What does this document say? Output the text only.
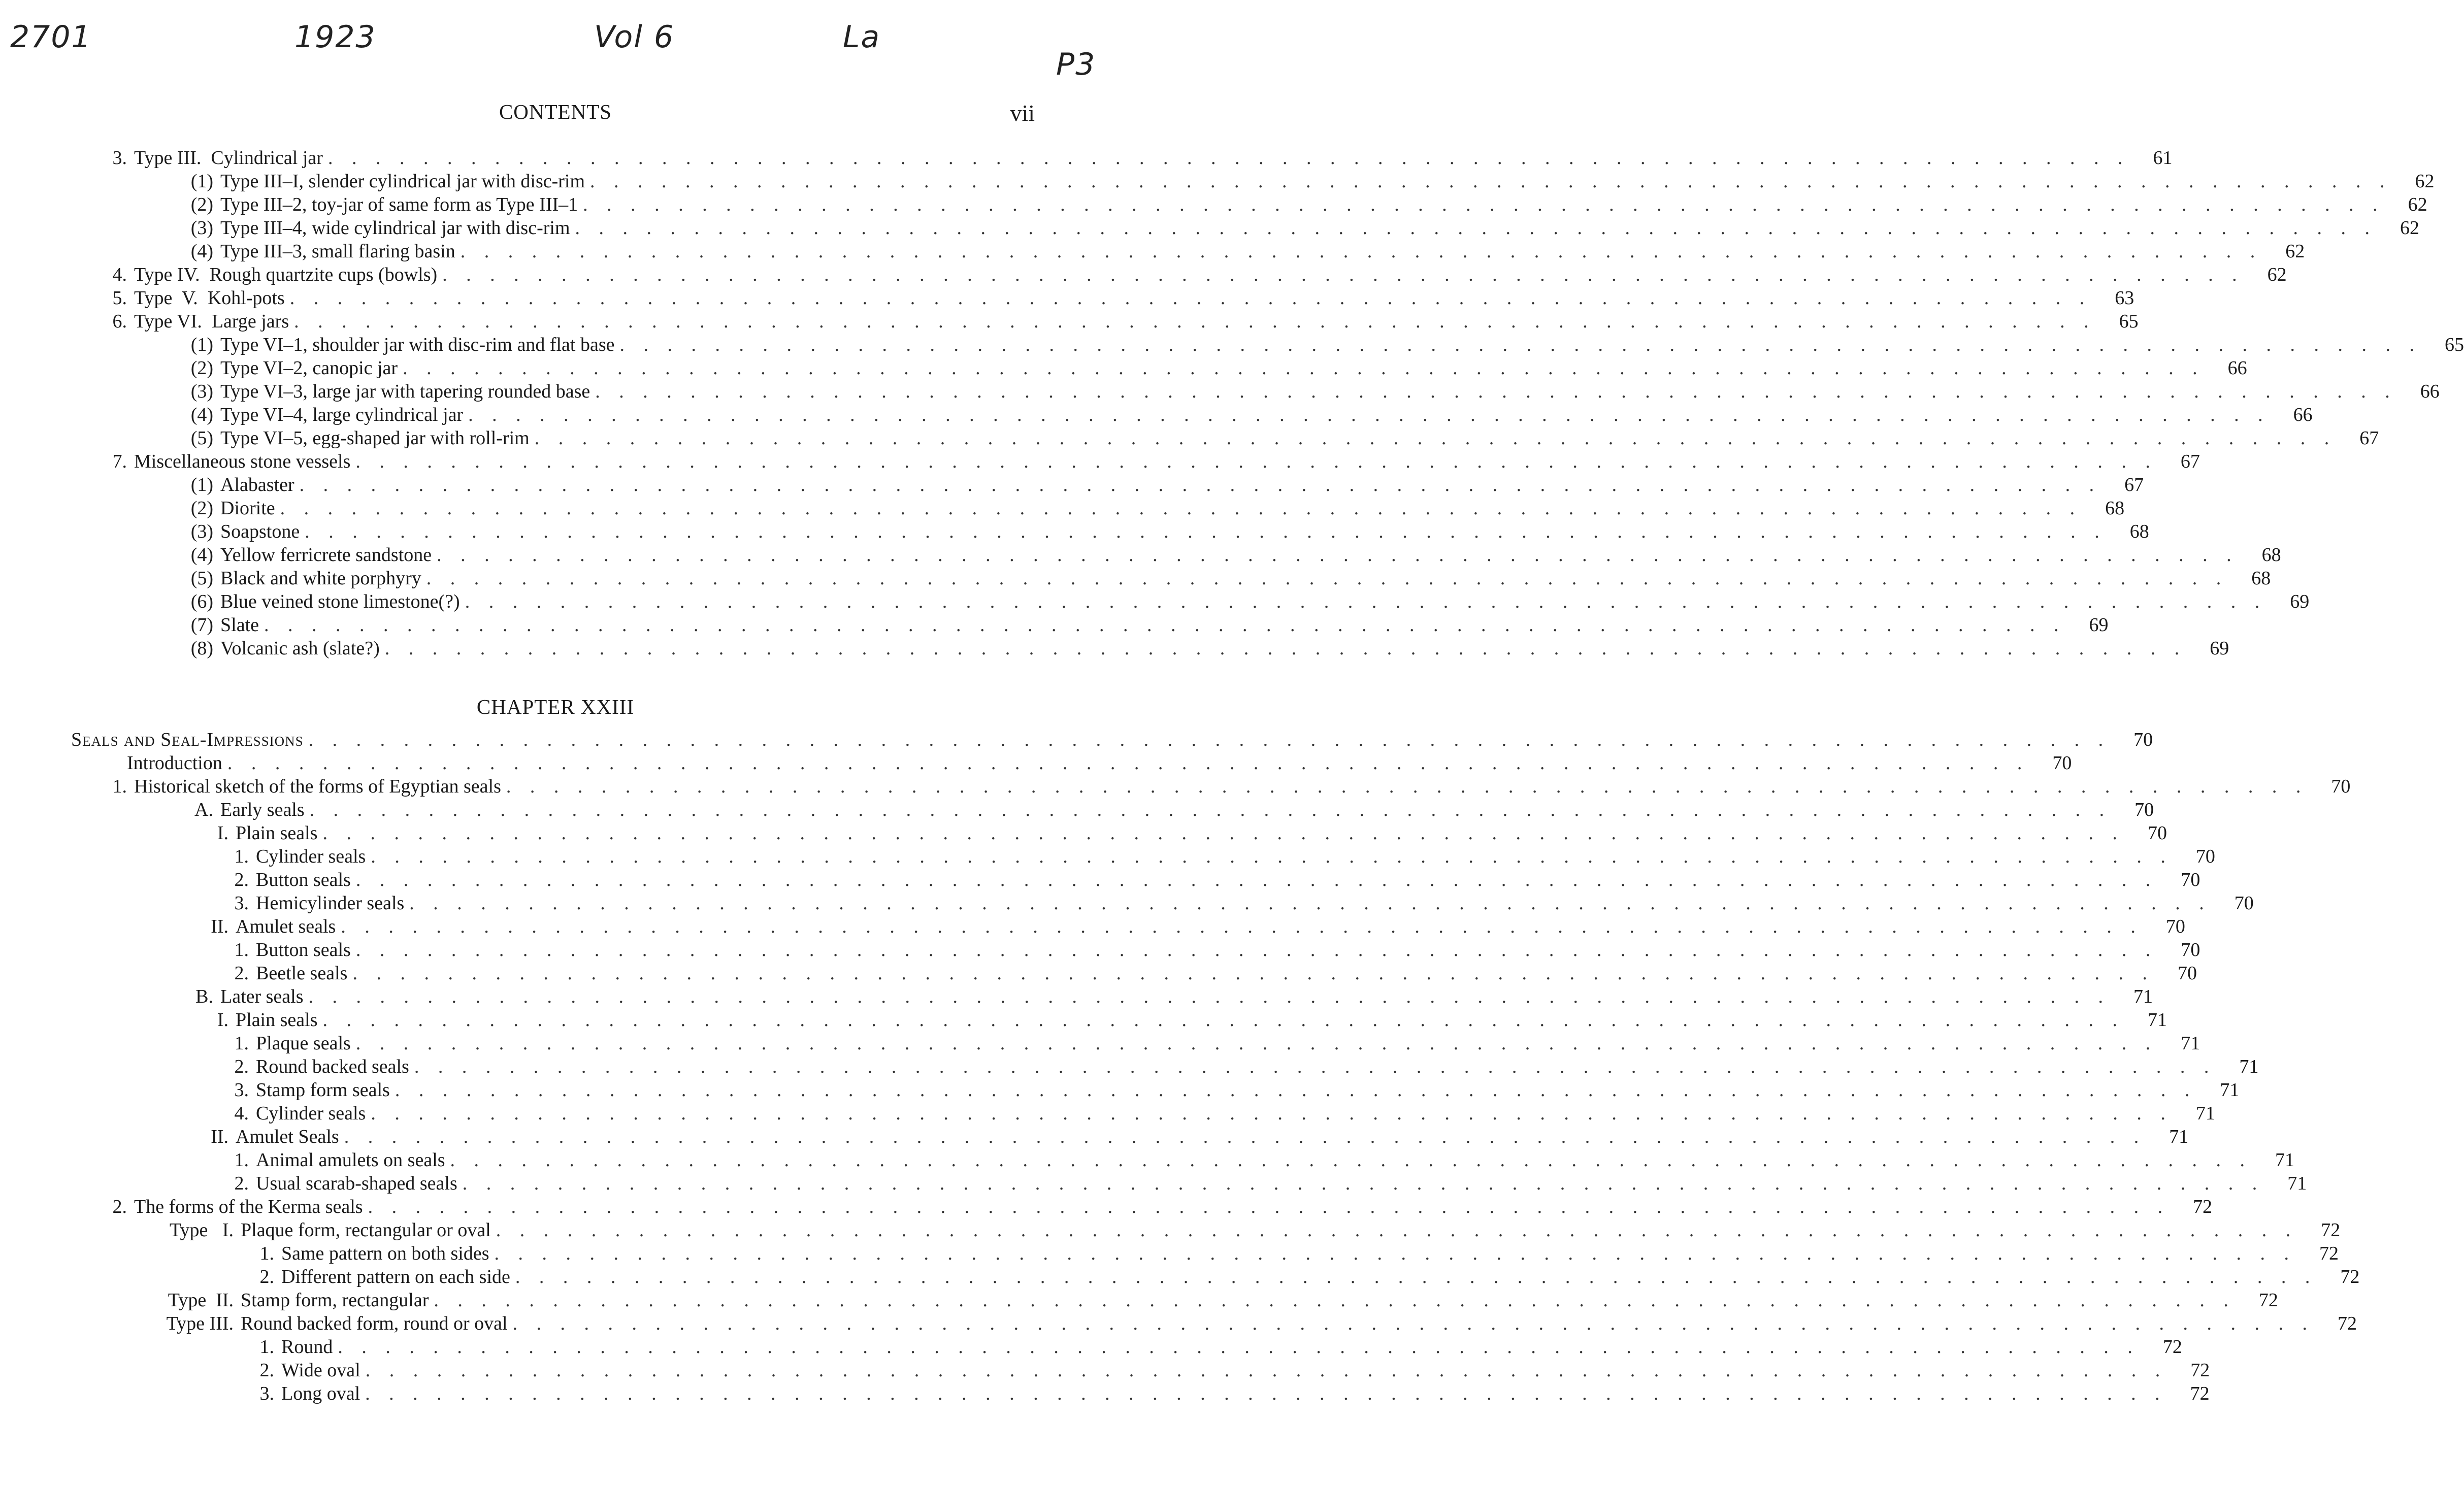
2701	1923	Vol 6	La
P3
CONTENTS	vii
3. Type III.  Cylindrical jar . . . . . . . . . . . . . . . . . . . . . . . . . . . . . . . . . . . . . . . . . . . . . . . . . . . . . . . . . . . . . . . . . . . . . . . . . . . .	61
(1) Type III–I, slender cylindrical jar with disc-rim . . . . . . . . . . . . . . . . . . . . . . . . . . . . . . . . . . . . . . . . . . . . . . . . . . . . . . . . . . . . . . . . . . . . . . . . . . . .	62
(2) Type III–2, toy-jar of same form as Type III–1 . . . . . . . . . . . . . . . . . . . . . . . . . . . . . . . . . . . . . . . . . . . . . . . . . . . . . . . . . . . . . . . . . . . . . . . . . . . .	62
(3) Type III–4, wide cylindrical jar with disc-rim . . . . . . . . . . . . . . . . . . . . . . . . . . . . . . . . . . . . . . . . . . . . . . . . . . . . . . . . . . . . . . . . . . . . . . . . . . . .	62
(4) Type III–3, small flaring basin . . . . . . . . . . . . . . . . . . . . . . . . . . . . . . . . . . . . . . . . . . . . . . . . . . . . . . . . . . . . . . . . . . . . . . . . . . . .	62
4. Type IV.  Rough quartzite cups (bowls) . . . . . . . . . . . . . . . . . . . . . . . . . . . . . . . . . . . . . . . . . . . . . . . . . . . . . . . . . . . . . . . . . . . . . . . . . . . .	62
5. Type  V.  Kohl-pots . . . . . . . . . . . . . . . . . . . . . . . . . . . . . . . . . . . . . . . . . . . . . . . . . . . . . . . . . . . . . . . . . . . . . . . . . . . .	63
6. Type VI.  Large jars . . . . . . . . . . . . . . . . . . . . . . . . . . . . . . . . . . . . . . . . . . . . . . . . . . . . . . . . . . . . . . . . . . . . . . . . . . . .	65
(1) Type VI–1, shoulder jar with disc-rim and flat base . . . . . . . . . . . . . . . . . . . . . . . . . . . . . . . . . . . . . . . . . . . . . . . . . . . . . . . . . . . . . . . . . . . . . . . . . . . .	65
(2) Type VI–2, canopic jar . . . . . . . . . . . . . . . . . . . . . . . . . . . . . . . . . . . . . . . . . . . . . . . . . . . . . . . . . . . . . . . . . . . . . . . . . . . .	66
(3) Type VI–3, large jar with tapering rounded base . . . . . . . . . . . . . . . . . . . . . . . . . . . . . . . . . . . . . . . . . . . . . . . . . . . . . . . . . . . . . . . . . . . . . . . . . . . .	66
(4) Type VI–4, large cylindrical jar . . . . . . . . . . . . . . . . . . . . . . . . . . . . . . . . . . . . . . . . . . . . . . . . . . . . . . . . . . . . . . . . . . . . . . . . . . . .	66
(5) Type VI–5, egg-shaped jar with roll-rim . . . . . . . . . . . . . . . . . . . . . . . . . . . . . . . . . . . . . . . . . . . . . . . . . . . . . . . . . . . . . . . . . . . . . . . . . . . .	67
7. Miscellaneous stone vessels . . . . . . . . . . . . . . . . . . . . . . . . . . . . . . . . . . . . . . . . . . . . . . . . . . . . . . . . . . . . . . . . . . . . . . . . . . . .	67
(1) Alabaster . . . . . . . . . . . . . . . . . . . . . . . . . . . . . . . . . . . . . . . . . . . . . . . . . . . . . . . . . . . . . . . . . . . . . . . . . . . .	67
(2) Diorite . . . . . . . . . . . . . . . . . . . . . . . . . . . . . . . . . . . . . . . . . . . . . . . . . . . . . . . . . . . . . . . . . . . . . . . . . . . .	68
(3) Soapstone . . . . . . . . . . . . . . . . . . . . . . . . . . . . . . . . . . . . . . . . . . . . . . . . . . . . . . . . . . . . . . . . . . . . . . . . . . . .	68
(4) Yellow ferricrete sandstone . . . . . . . . . . . . . . . . . . . . . . . . . . . . . . . . . . . . . . . . . . . . . . . . . . . . . . . . . . . . . . . . . . . . . . . . . . . .	68
(5) Black and white porphyry . . . . . . . . . . . . . . . . . . . . . . . . . . . . . . . . . . . . . . . . . . . . . . . . . . . . . . . . . . . . . . . . . . . . . . . . . . . .	68
(6) Blue veined stone limestone(?) . . . . . . . . . . . . . . . . . . . . . . . . . . . . . . . . . . . . . . . . . . . . . . . . . . . . . . . . . . . . . . . . . . . . . . . . . . . .	69
(7) Slate . . . . . . . . . . . . . . . . . . . . . . . . . . . . . . . . . . . . . . . . . . . . . . . . . . . . . . . . . . . . . . . . . . . . . . . . . . . .	69
(8) Volcanic ash (slate?) . . . . . . . . . . . . . . . . . . . . . . . . . . . . . . . . . . . . . . . . . . . . . . . . . . . . . . . . . . . . . . . . . . . . . . . . . . . .	69
CHAPTER XXIII
Seals and Seal-Impressions . . . . . . . . . . . . . . . . . . . . . . . . . . . . . . . . . . . . . . . . . . . . . . . . . . . . . . . . . . . . . . . . . . . . . . . . . . . .	70
Introduction . . . . . . . . . . . . . . . . . . . . . . . . . . . . . . . . . . . . . . . . . . . . . . . . . . . . . . . . . . . . . . . . . . . . . . . . . . . .	70
1. Historical sketch of the forms of Egyptian seals . . . . . . . . . . . . . . . . . . . . . . . . . . . . . . . . . . . . . . . . . . . . . . . . . . . . . . . . . . . . . . . . . . . . . . . . . . . .	70
A. Early seals . . . . . . . . . . . . . . . . . . . . . . . . . . . . . . . . . . . . . . . . . . . . . . . . . . . . . . . . . . . . . . . . . . . . . . . . . . . .	70
I. Plain seals . . . . . . . . . . . . . . . . . . . . . . . . . . . . . . . . . . . . . . . . . . . . . . . . . . . . . . . . . . . . . . . . . . . . . . . . . . . .	70
1. Cylinder seals . . . . . . . . . . . . . . . . . . . . . . . . . . . . . . . . . . . . . . . . . . . . . . . . . . . . . . . . . . . . . . . . . . . . . . . . . . . .	70
2. Button seals . . . . . . . . . . . . . . . . . . . . . . . . . . . . . . . . . . . . . . . . . . . . . . . . . . . . . . . . . . . . . . . . . . . . . . . . . . . .	70
3. Hemicylinder seals . . . . . . . . . . . . . . . . . . . . . . . . . . . . . . . . . . . . . . . . . . . . . . . . . . . . . . . . . . . . . . . . . . . . . . . . . . . .	70
II. Amulet seals . . . . . . . . . . . . . . . . . . . . . . . . . . . . . . . . . . . . . . . . . . . . . . . . . . . . . . . . . . . . . . . . . . . . . . . . . . . .	70
1. Button seals . . . . . . . . . . . . . . . . . . . . . . . . . . . . . . . . . . . . . . . . . . . . . . . . . . . . . . . . . . . . . . . . . . . . . . . . . . . .	70
2. Beetle seals . . . . . . . . . . . . . . . . . . . . . . . . . . . . . . . . . . . . . . . . . . . . . . . . . . . . . . . . . . . . . . . . . . . . . . . . . . . .	70
B. Later seals . . . . . . . . . . . . . . . . . . . . . . . . . . . . . . . . . . . . . . . . . . . . . . . . . . . . . . . . . . . . . . . . . . . . . . . . . . . .	71
I. Plain seals . . . . . . . . . . . . . . . . . . . . . . . . . . . . . . . . . . . . . . . . . . . . . . . . . . . . . . . . . . . . . . . . . . . . . . . . . . . .	71
1. Plaque seals . . . . . . . . . . . . . . . . . . . . . . . . . . . . . . . . . . . . . . . . . . . . . . . . . . . . . . . . . . . . . . . . . . . . . . . . . . . .	71
2. Round backed seals . . . . . . . . . . . . . . . . . . . . . . . . . . . . . . . . . . . . . . . . . . . . . . . . . . . . . . . . . . . . . . . . . . . . . . . . . . . .	71
3. Stamp form seals . . . . . . . . . . . . . . . . . . . . . . . . . . . . . . . . . . . . . . . . . . . . . . . . . . . . . . . . . . . . . . . . . . . . . . . . . . . .	71
4. Cylinder seals . . . . . . . . . . . . . . . . . . . . . . . . . . . . . . . . . . . . . . . . . . . . . . . . . . . . . . . . . . . . . . . . . . . . . . . . . . . .	71
II. Amulet Seals . . . . . . . . . . . . . . . . . . . . . . . . . . . . . . . . . . . . . . . . . . . . . . . . . . . . . . . . . . . . . . . . . . . . . . . . . . . .	71
1. Animal amulets on seals . . . . . . . . . . . . . . . . . . . . . . . . . . . . . . . . . . . . . . . . . . . . . . . . . . . . . . . . . . . . . . . . . . . . . . . . . . . .	71
2. Usual scarab-shaped seals . . . . . . . . . . . . . . . . . . . . . . . . . . . . . . . . . . . . . . . . . . . . . . . . . . . . . . . . . . . . . . . . . . . . . . . . . . . .	71
2. The forms of the Kerma seals . . . . . . . . . . . . . . . . . . . . . . . . . . . . . . . . . . . . . . . . . . . . . . . . . . . . . . . . . . . . . . . . . . . . . . . . . . . .	72
Type   I. Plaque form, rectangular or oval . . . . . . . . . . . . . . . . . . . . . . . . . . . . . . . . . . . . . . . . . . . . . . . . . . . . . . . . . . . . . . . . . . . . . . . . . . . .	72
1. Same pattern on both sides . . . . . . . . . . . . . . . . . . . . . . . . . . . . . . . . . . . . . . . . . . . . . . . . . . . . . . . . . . . . . . . . . . . . . . . . . . . .	72
2. Different pattern on each side . . . . . . . . . . . . . . . . . . . . . . . . . . . . . . . . . . . . . . . . . . . . . . . . . . . . . . . . . . . . . . . . . . . . . . . . . . . .	72
Type  II. Stamp form, rectangular . . . . . . . . . . . . . . . . . . . . . . . . . . . . . . . . . . . . . . . . . . . . . . . . . . . . . . . . . . . . . . . . . . . . . . . . . . . .	72
Type III. Round backed form, round or oval . . . . . . . . . . . . . . . . . . . . . . . . . . . . . . . . . . . . . . . . . . . . . . . . . . . . . . . . . . . . . . . . . . . . . . . . . . . .	72
1. Round . . . . . . . . . . . . . . . . . . . . . . . . . . . . . . . . . . . . . . . . . . . . . . . . . . . . . . . . . . . . . . . . . . . . . . . . . . . .	72
2. Wide oval . . . . . . . . . . . . . . . . . . . . . . . . . . . . . . . . . . . . . . . . . . . . . . . . . . . . . . . . . . . . . . . . . . . . . . . . . . . .	72
3. Long oval . . . . . . . . . . . . . . . . . . . . . . . . . . . . . . . . . . . . . . . . . . . . . . . . . . . . . . . . . . . . . . . . . . . . . . . . . . . .	72
